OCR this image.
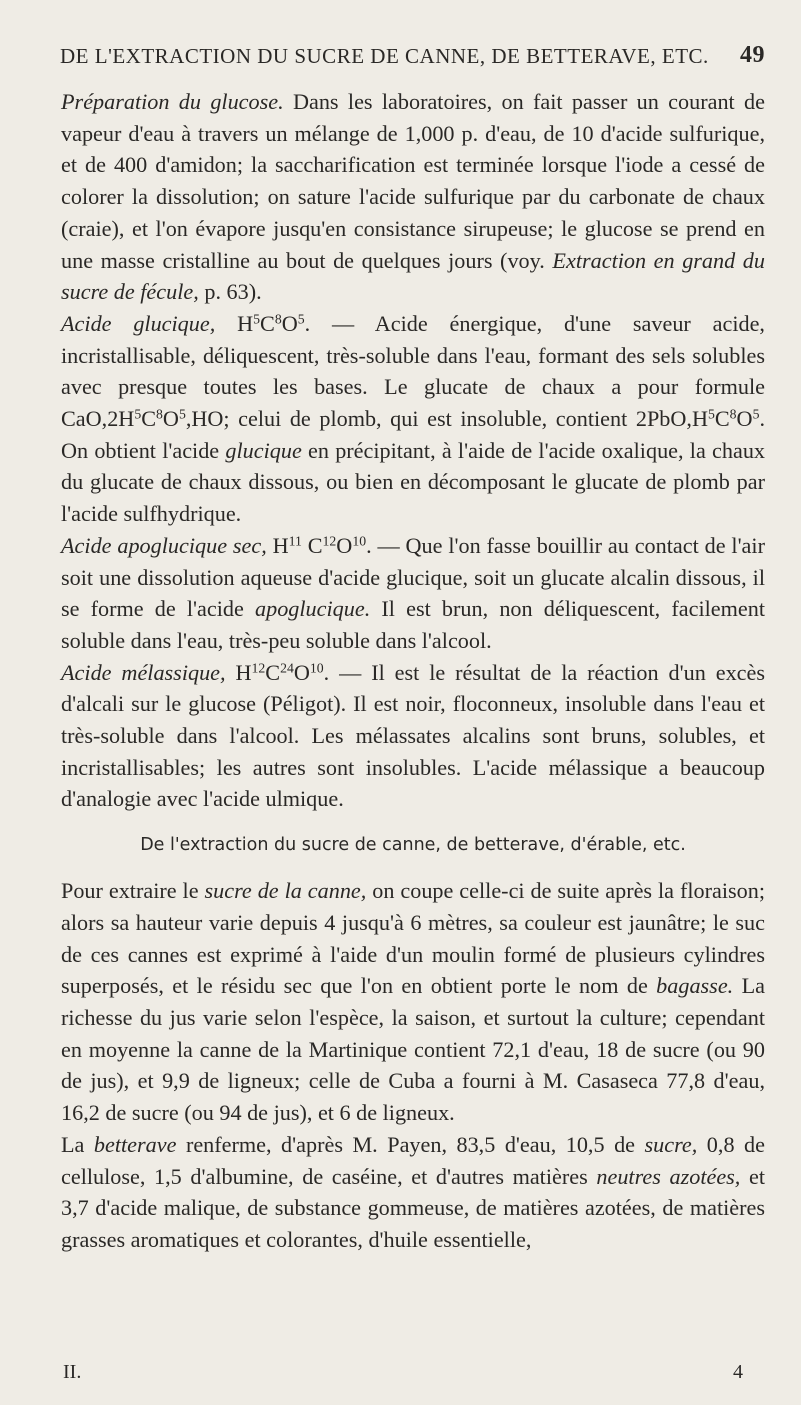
DE L'EXTRACTION DU SUCRE DE CANNE, DE BETTERAVE, ETC. 49

Préparation du glucose. Dans les laboratoires, on fait passer un courant de vapeur d'eau à travers un mélange de 1,000 p. d'eau, de 10 d'acide sulfurique, et de 400 d'amidon; la saccharification est terminée lorsque l'iode a cessé de colorer la dissolution; on sature l'acide sulfurique par du carbonate de chaux (craie), et l'on évapore jusqu'en consistance sirupeuse; le glucose se prend en une masse cristalline au bout de quelques jours (voy. Extraction en grand du sucre de fécule, p. 63).

Acide glucique, $H^5C^8O^5$. — Acide énergique, d'une saveur acide, incristallisable, déliquescent, très-soluble dans l'eau, formant des sels solubles avec presque toutes les bases. Le glucate de chaux a pour formule $CaO,2H^5C^8O^5,HO$; celui de plomb, qui est insoluble, contient $2PbO,H^5C^8O^5$. On obtient l'acide glucique en précipitant, à l'aide de l'acide oxalique, la chaux du glucate de chaux dissous, ou bien en décomposant le glucate de plomb par l'acide sulfhydrique.

Acide apoglucique sec, $H^{11}$ $C^{12}O^{10}$. — Que l'on fasse bouillir au contact de l'air soit une dissolution aqueuse d'acide glucique, soit un glucate alcalin dissous, il se forme de l'acide apoglucique. Il est brun, non déliquescent, facilement soluble dans l'eau, très-peu soluble dans l'alcool.

Acide mélassique, $H^{12}C^{24}O^{10}$. — Il est le résultat de la réaction d'un excès d'alcali sur le glucose (Péligot). Il est noir, floconneux, insoluble dans l'eau et très-soluble dans l'alcool. Les mélassates alcalins sont bruns, solubles, et incristallisables; les autres sont insolubles. L'acide mélassique a beaucoup d'analogie avec l'acide ulmique.

De l'extraction du sucre de canne, de betterave, d'érable, etc.

Pour extraire le sucre de la canne, on coupe celle-ci de suite après la floraison; alors sa hauteur varie depuis 4 jusqu'à 6 mètres, sa couleur est jaunâtre; le suc de ces cannes est exprimé à l'aide d'un moulin formé de plusieurs cylindres superposés, et le résidu sec que l'on en obtient porte le nom de bagasse. La richesse du jus varie selon l'espèce, la saison, et surtout la culture; cependant en moyenne la canne de la Martinique contient 72,1 d'eau, 18 de sucre (ou 90 de jus), et 9,9 de ligneux; celle de Cuba a fourni à M. Casaseca 77,8 d'eau, 16,2 de sucre (ou 94 de jus), et 6 de ligneux.

La betterave renferme, d'après M. Payen, 83,5 d'eau, 10,5 de sucre, 0,8 de cellulose, 1,5 d'albumine, de caséine, et d'autres matières neutres azotées, et 3,7 d'acide malique, de substance gommeuse, de matières azotées, de matières grasses aromatiques et colorantes, d'huile essentielle,

II.	4
